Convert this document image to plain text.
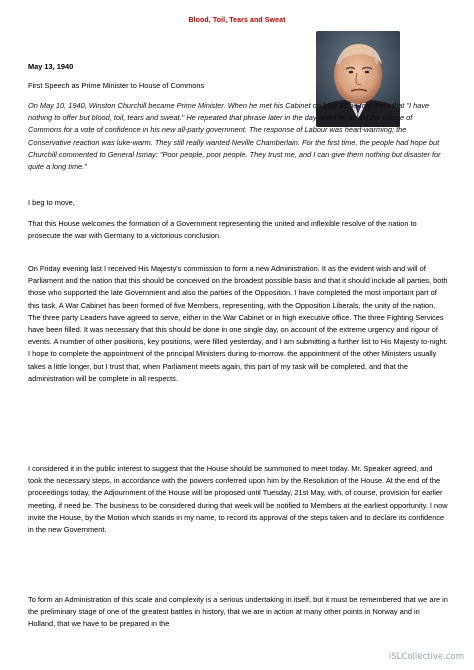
Blood, Toil, Tears and Sweat
May 13, 1940
First Speech as Prime Minister to House of Commons
On May 10, 1940, Winston Churchill became Prime Minister. When he met his Cabinet on May 13 he told them that "I have nothing to offer but blood, toil, tears and sweat." He repeated that phrase later in the day when he asked the House of Commons for a vote of confidence in his new all-party government. The response of Labour was heart-warming; the Conservative reaction was luke-warm. They still really wanted Neville Chamberlain. For the first time, the people had hope but Churchill commented to General Ismay: "Poor people, poor people. They trust me, and I can give them nothing but disaster for quite a long time."
I beg to move,
That this House welcomes the formation of a Government representing the united and inflexible resolve of the nation to prosecute the war with Germany to a victorious conclusion.
On Friday evening last I received His Majesty's commission to form a new Administration. It as the evident wish and will of Parliament and the nation that this should be conceived on the broadest possible basis and that it should include all parties, both those who supported the late Government and also the parties of the Opposition. I have completed the most important part of this task. A War Cabinet has been formed of five Members, representing, with the Opposition Liberals, the unity of the nation. The three party Leaders have agreed to serve, either in the War Cabinet or in high executive office. The three Fighting Services have been filled. It was necessary that this should be done in one single day, on account of the extreme urgency and rigour of events. A number of other positions, key positions, were filled yesterday, and I am submitting a further list to His Majesty to-night. I hope to complete the appointment of the principal Ministers during to-morrow. the appointment of the other Ministers usually takes a little longer, but I trust that, when Parliament meets again, this part of my task will be completed, and that the administration will be complete in all respects.
I considered it in the public interest to suggest that the House should be summoned to meet today. Mr. Speaker agreed, and took the necessary steps, in accordance with the powers conferred upon him by the Resolution of the House. At the end of the proceedings today, the Adjournment of the House will be proposed until Tuesday, 21st May, with, of course, provision for earlier meeting, if need be. The business to be considered during that week will be notified to Members at the earliest opportunity. I now invite the House, by the Motion which stands in my name, to record its approval of the steps taken and to declare its confidence in the new Government.
To form an Administration of this scale and complexity is a serious undertaking in itself, but it must be remembered that we are in the preliminary stage of one of the greatest battles in history, that we are in action at many other points in Norway and in Holland, that we have to be prepared in the
iSLCollective.com
